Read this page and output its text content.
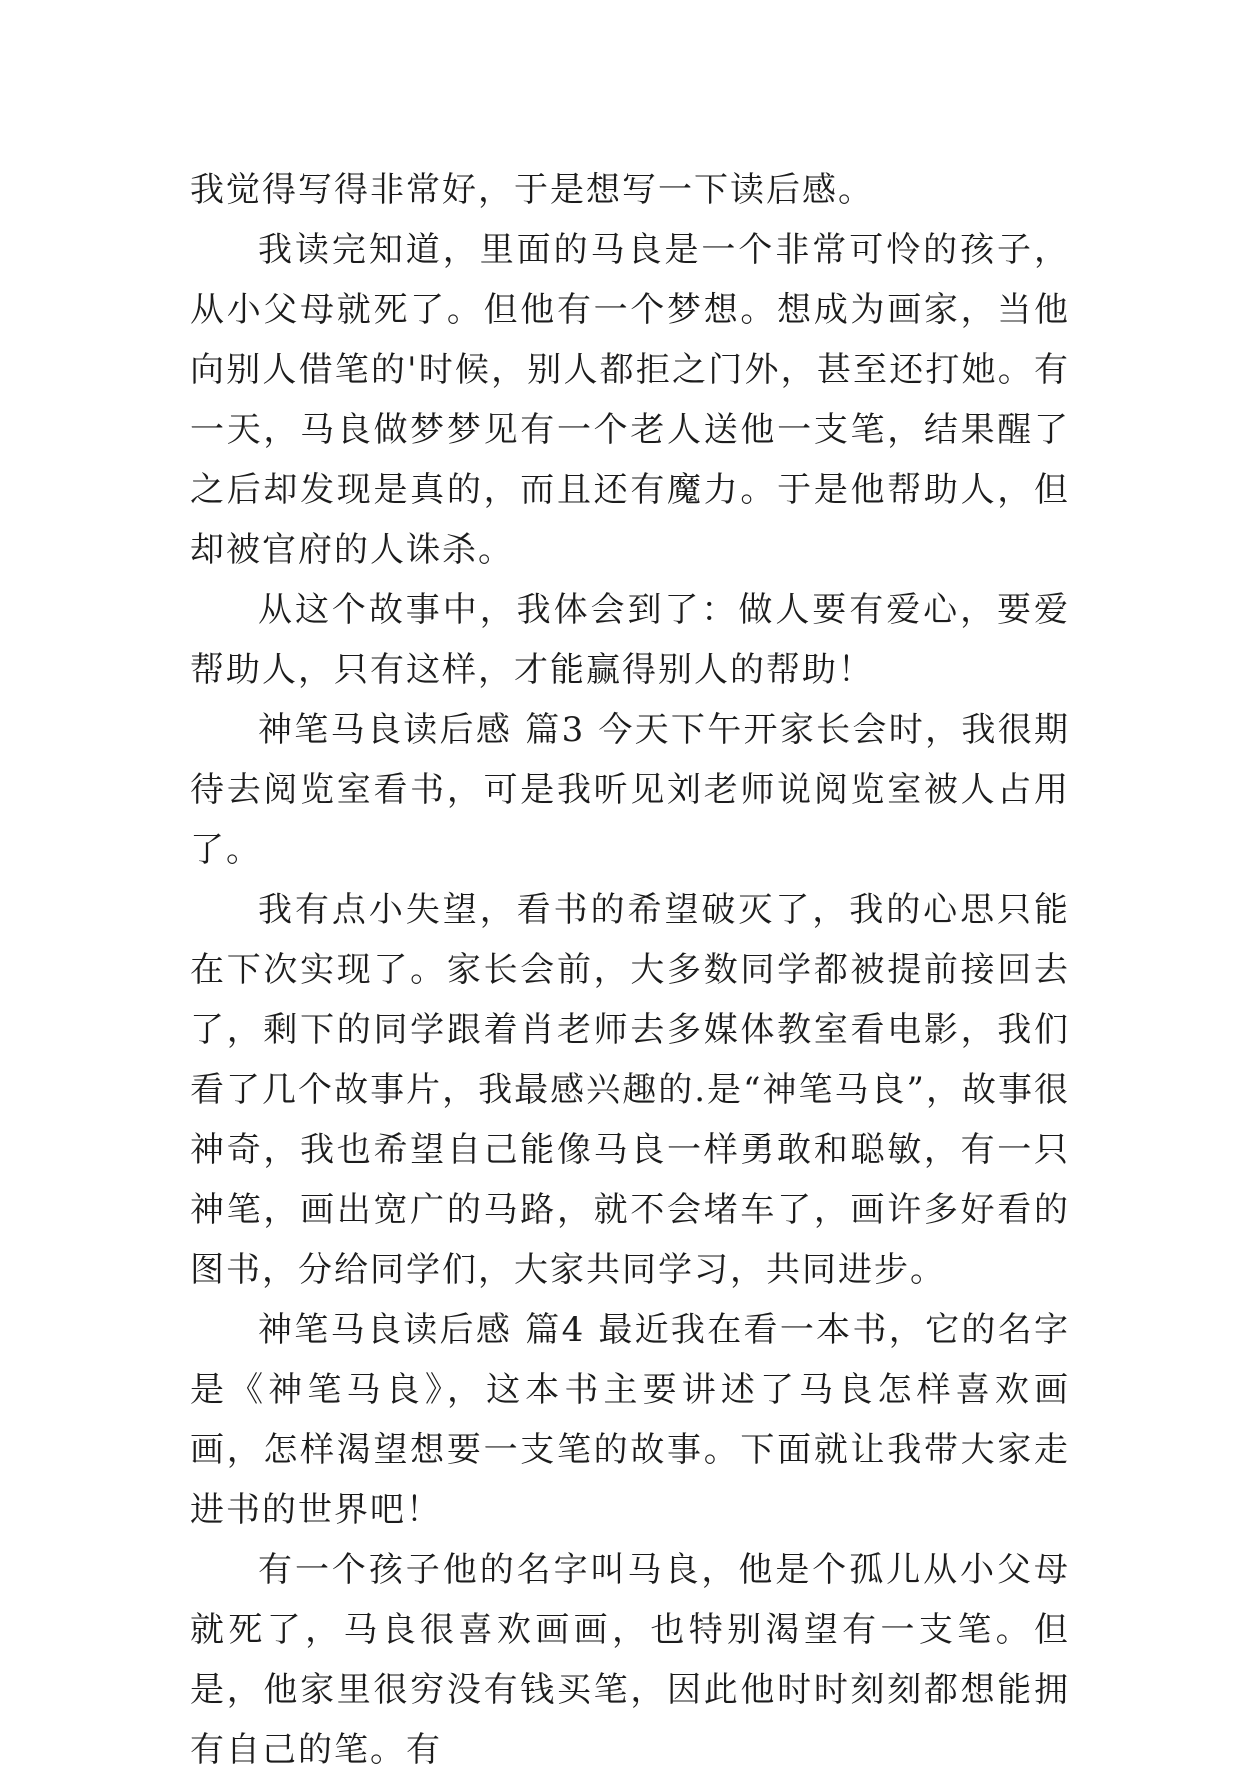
我觉得写得非常好，于是想写一下读后感。

我读完知道，里面的马良是一个非常可怜的孩子，从小父母就死了。但他有一个梦想。想成为画家，当他向别人借笔的'时候，别人都拒之门外，甚至还打她。有一天，马良做梦梦见有一个老人送他一支笔，结果醒了之后却发现是真的，而且还有魔力。于是他帮助人，但却被官府的人诛杀。

从这个故事中，我体会到了：做人要有爱心，要爱帮助人，只有这样，才能赢得别人的帮助！

神笔马良读后感 篇3 今天下午开家长会时，我很期待去阅览室看书，可是我听见刘老师说阅览室被人占用了。

我有点小失望，看书的希望破灭了，我的心思只能在下次实现了。家长会前，大多数同学都被提前接回去了，剩下的同学跟着肖老师去多媒体教室看电影，我们看了几个故事片，我最感兴趣的.是“神笔马良”，故事很神奇，我也希望自己能像马良一样勇敢和聪敏，有一只神笔，画出宽广的马路，就不会堵车了，画许多好看的图书，分给同学们，大家共同学习，共同进步。

神笔马良读后感 篇4 最近我在看一本书，它的名字是《神笔马良》，这本书主要讲述了马良怎样喜欢画画，怎样渴望想要一支笔的故事。下面就让我带大家走进书的世界吧！

有一个孩子他的名字叫马良，他是个孤儿从小父母就死了，马良很喜欢画画，也特别渴望有一支笔。但是，他家里很穷没有钱买笔，因此他时时刻刻都想能拥有自己的笔。有
